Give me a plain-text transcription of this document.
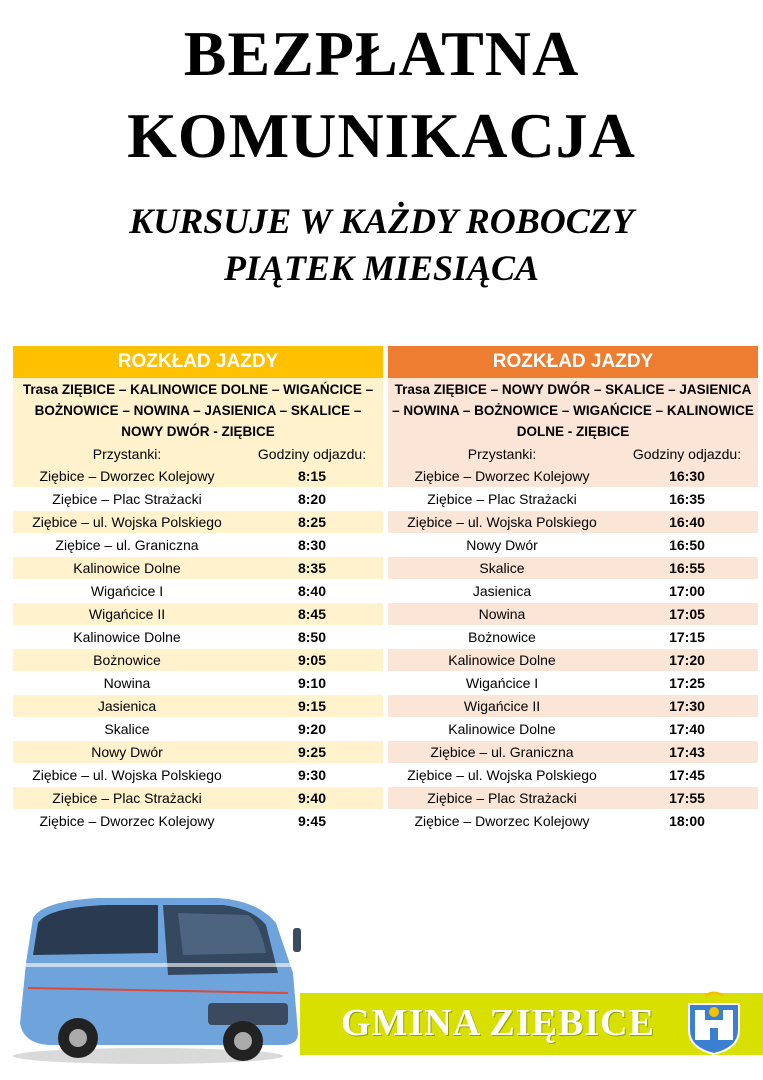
BEZPŁATNA
KOMUNIKACJA
KURSUJE W KAŻDY ROBOCZY
PIĄTEK MIESIĄCA
ROZKŁAD JAZDY
Trasa ZIĘBICE – KALINOWICE DOLNE – WIGAŃCICE – BOŻNOWICE – NOWINA – JASIENICA – SKALICE – NOWY DWÓR - ZIĘBICE
Przystanki:	Godziny odjazdu:
Ziębice – Dworzec Kolejowy	8:15
Ziębice – Plac Strażacki	8:20
Ziębice – ul. Wojska Polskiego	8:25
Ziębice – ul. Graniczna	8:30
Kalinowice Dolne	8:35
Wigańcice I	8:40
Wigańcice II	8:45
Kalinowice Dolne	8:50
Bożnowice	9:05
Nowina	9:10
Jasienica	9:15
Skalice	9:20
Nowy Dwór	9:25
Ziębice – ul. Wojska Polskiego	9:30
Ziębice – Plac Strażacki	9:40
Ziębice – Dworzec Kolejowy	9:45
ROZKŁAD JAZDY
Trasa ZIĘBICE – NOWY DWÓR – SKALICE – JASIENICA – NOWINA – BOŻNOWICE – WIGAŃCICE – KALINOWICE DOLNE - ZIĘBICE
Przystanki:	Godziny odjazdu:
Ziębice – Dworzec Kolejowy	16:30
Ziębice – Plac Strażacki	16:35
Ziębice – ul. Wojska Polskiego	16:40
Nowy Dwór	16:50
Skalice	16:55
Jasienica	17:00
Nowina	17:05
Bożnowice	17:15
Kalinowice Dolne	17:20
Wigańcice I	17:25
Wigańcice II	17:30
Kalinowice Dolne	17:40
Ziębice – ul. Graniczna	17:43
Ziębice – ul. Wojska Polskiego	17:45
Ziębice – Plac Strażacki	17:55
Ziębice – Dworzec Kolejowy	18:00
GMINA ZIĘBICE
